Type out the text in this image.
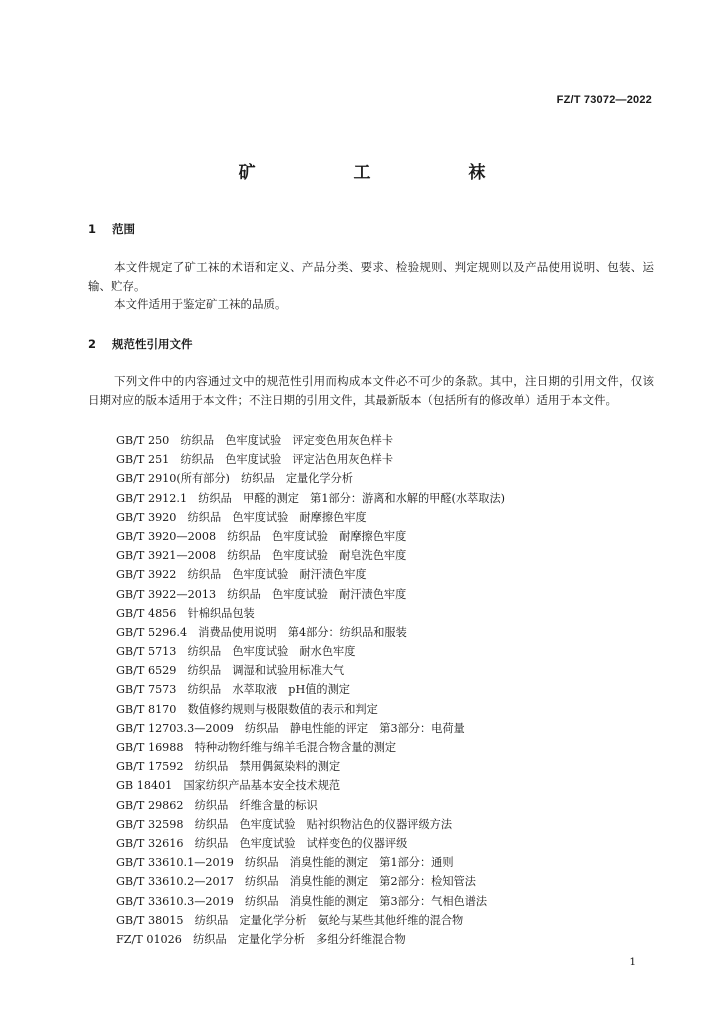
FZ/T 73072—2022
矿 工 袜
1 范围
本文件规定了矿工袜的术语和定义、产品分类、要求、检验规则、判定规则以及产品使用说明、包装、运输、贮存。
本文件适用于鉴定矿工袜的品质。
2 规范性引用文件
下列文件中的内容通过文中的规范性引用而构成本文件必不可少的条款。其中，注日期的引用文件，仅该日期对应的版本适用于本文件；不注日期的引用文件，其最新版本（包括所有的修改单）适用于本文件。
GB/T 250　纺织品　色牢度试验　评定变色用灰色样卡
GB/T 251　纺织品　色牢度试验　评定沾色用灰色样卡
GB/T 2910(所有部分)　纺织品　定量化学分析
GB/T 2912.1　纺织品　甲醛的测定　第1部分：游离和水解的甲醛(水萃取法)
GB/T 3920　纺织品　色牢度试验　耐摩擦色牢度
GB/T 3920—2008　纺织品　色牢度试验　耐摩擦色牢度
GB/T 3921—2008　纺织品　色牢度试验　耐皂洗色牢度
GB/T 3922　纺织品　色牢度试验　耐汗渍色牢度
GB/T 3922—2013　纺织品　色牢度试验　耐汗渍色牢度
GB/T 4856　针棉织品包装
GB/T 5296.4　消费品使用说明　第4部分：纺织品和服装
GB/T 5713　纺织品　色牢度试验　耐水色牢度
GB/T 6529　纺织品　调湿和试验用标准大气
GB/T 7573　纺织品　水萃取液　pH值的测定
GB/T 8170　数值修约规则与极限数值的表示和判定
GB/T 12703.3—2009　纺织品　静电性能的评定　第3部分：电荷量
GB/T 16988　特种动物纤维与绵羊毛混合物含量的测定
GB/T 17592　纺织品　禁用偶氮染料的测定
GB 18401　国家纺织产品基本安全技术规范
GB/T 29862　纺织品　纤维含量的标识
GB/T 32598　纺织品　色牢度试验　贴衬织物沾色的仪器评级方法
GB/T 32616　纺织品　色牢度试验　试样变色的仪器评级
GB/T 33610.1—2019　纺织品　消臭性能的测定　第1部分：通则
GB/T 33610.2—2017　纺织品　消臭性能的测定　第2部分：检知管法
GB/T 33610.3—2019　纺织品　消臭性能的测定　第3部分：气相色谱法
GB/T 38015　纺织品　定量化学分析　氨纶与某些其他纤维的混合物
FZ/T 01026　纺织品　定量化学分析　多组分纤维混合物
1
